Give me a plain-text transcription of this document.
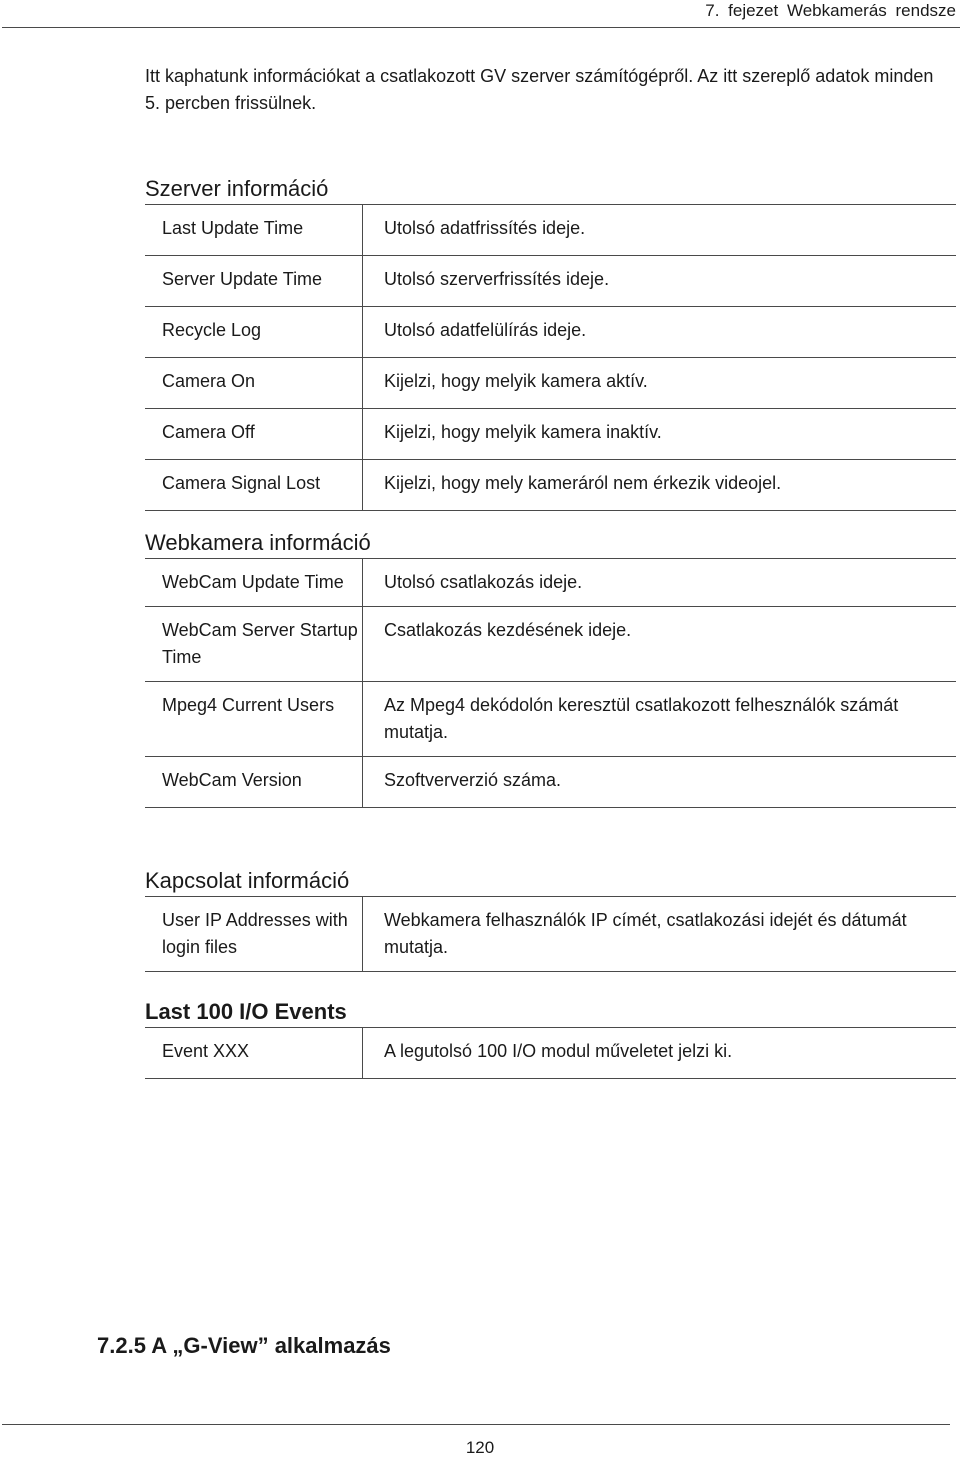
7. fejezet Webkamerás rendsze

Itt kaphatunk információkat a csatlakozott GV szerver számítógépről. Az itt szereplő adatok minden 5. percben frissülnek.

Szerver információ
Last Update Time	Utolsó adatfrissítés ideje.
Server Update Time	Utolsó szerverfrissítés ideje.
Recycle Log	Utolsó adatfelülírás ideje.
Camera On	Kijelzi, hogy melyik kamera aktív.
Camera Off	Kijelzi, hogy melyik kamera inaktív.
Camera Signal Lost	Kijelzi, hogy mely kameráról nem érkezik videojel.
Webkamera információ
WebCam Update Time	Utolsó csatlakozás ideje.
WebCam Server Startup Time	Csatlakozás kezdésének ideje.
Mpeg4 Current Users	Az Mpeg4 dekódolón keresztül csatlakozott felhesználók számát mutatja.
WebCam Version	Szoftververzió száma.
Kapcsolat információ
User IP Addresses with login files	Webkamera felhasználók IP címét, csatlakozási idejét és dátumát mutatja.
Last 100 I/O Events
Event XXX	A legutolsó 100 I/O modul műveletet jelzi ki.
7.2.5 A „G-View” alkalmazás
120
